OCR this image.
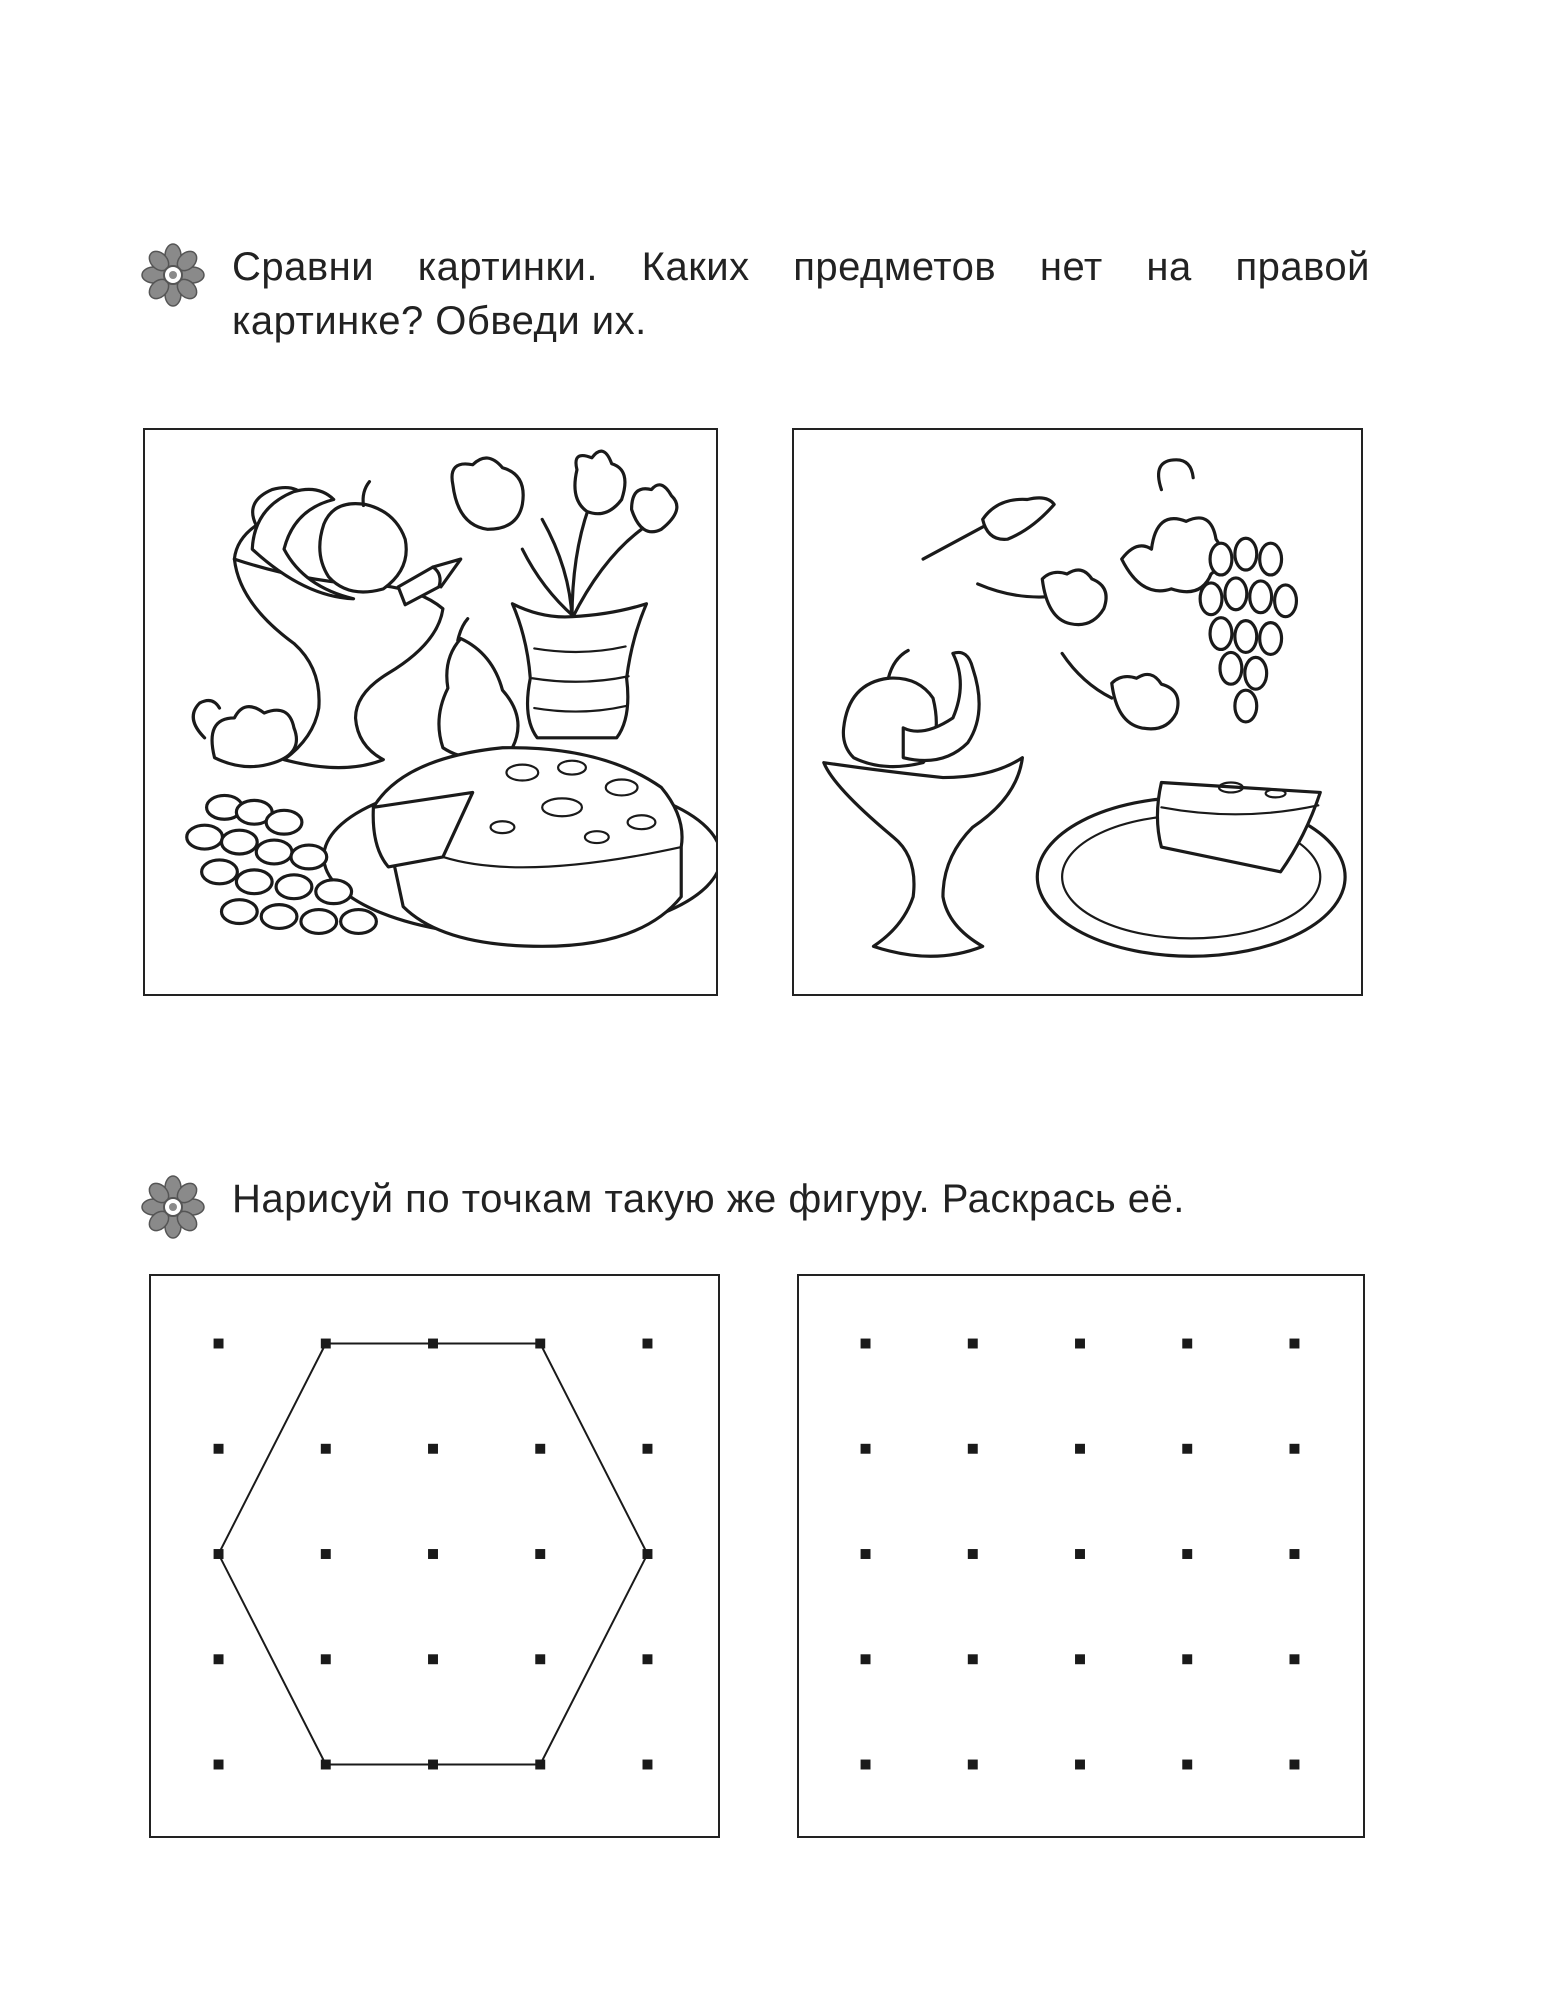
Сравни картинки. Каких предметов нет на правой картинке? Обведи их.
Нарисуй по точкам такую же фигуру. Раскрась её.
